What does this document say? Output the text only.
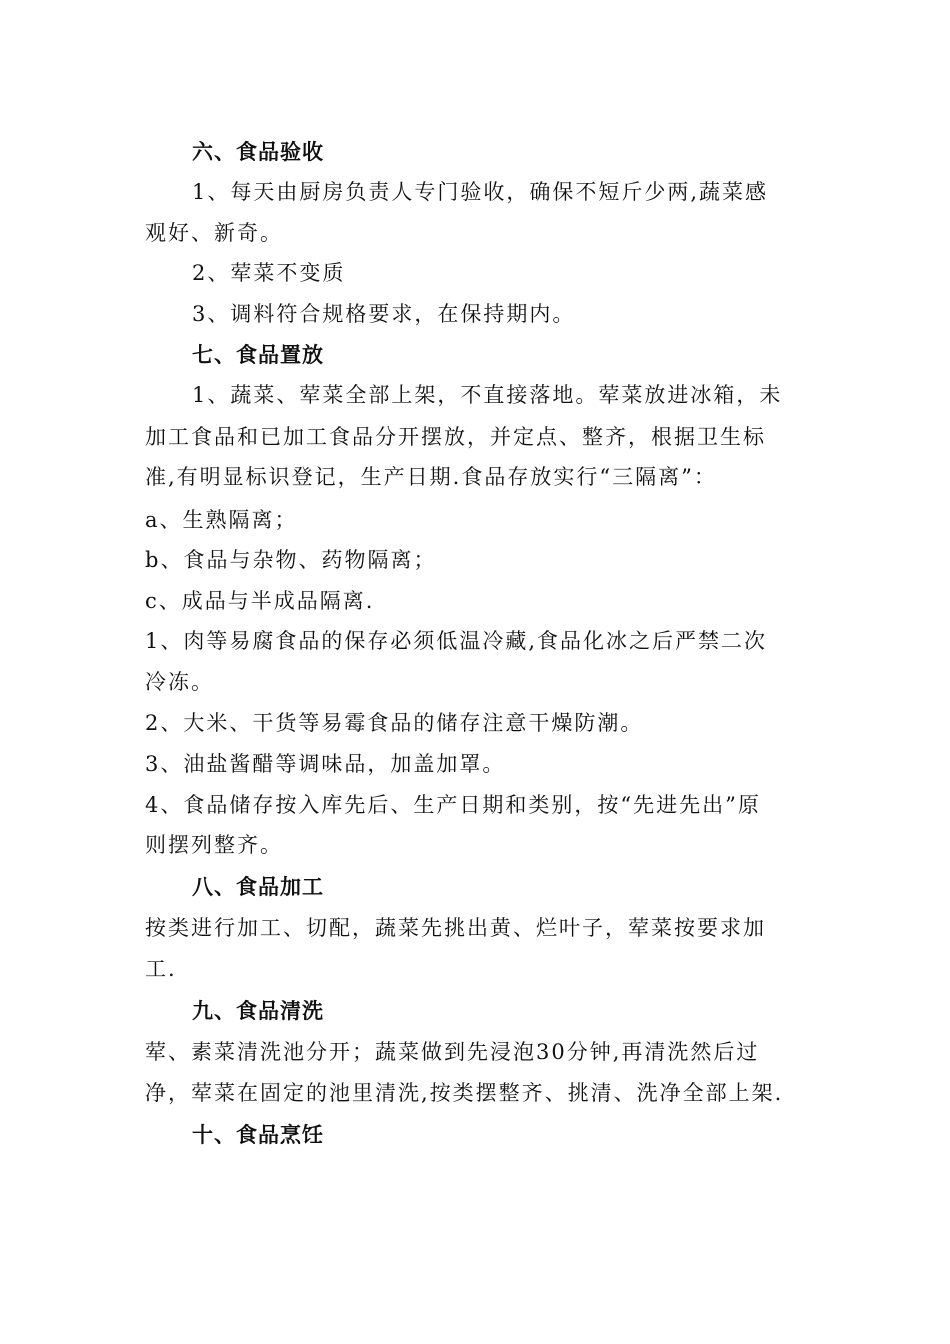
六、食品验收
1、每天由厨房负责人专门验收，确保不短斤少两,蔬菜感
观好、新奇。
2、荤菜不变质
3、调料符合规格要求，在保持期内。
七、食品置放
1、蔬菜、荤菜全部上架，不直接落地。荤菜放进冰箱，未
加工食品和已加工食品分开摆放，并定点、整齐，根据卫生标
准,有明显标识登记，生产日期.食品存放实行“三隔离”：
a、生熟隔离；
b、食品与杂物、药物隔离；
c、成品与半成品隔离.
1、肉等易腐食品的保存必须低温冷藏,食品化冰之后严禁二次
冷冻。
2、大米、干货等易霉食品的储存注意干燥防潮。
3、油盐酱醋等调味品，加盖加罩。
4、食品储存按入库先后、生产日期和类别，按“先进先出”原
则摆列整齐。
八、食品加工
按类进行加工、切配，蔬菜先挑出黄、烂叶子，荤菜按要求加
工.
九、食品清洗
荤、素菜清洗池分开；蔬菜做到先浸泡30分钟,再清洗然后过
净，荤菜在固定的池里清洗,按类摆整齐、挑清、洗净全部上架.
十、食品烹饪
